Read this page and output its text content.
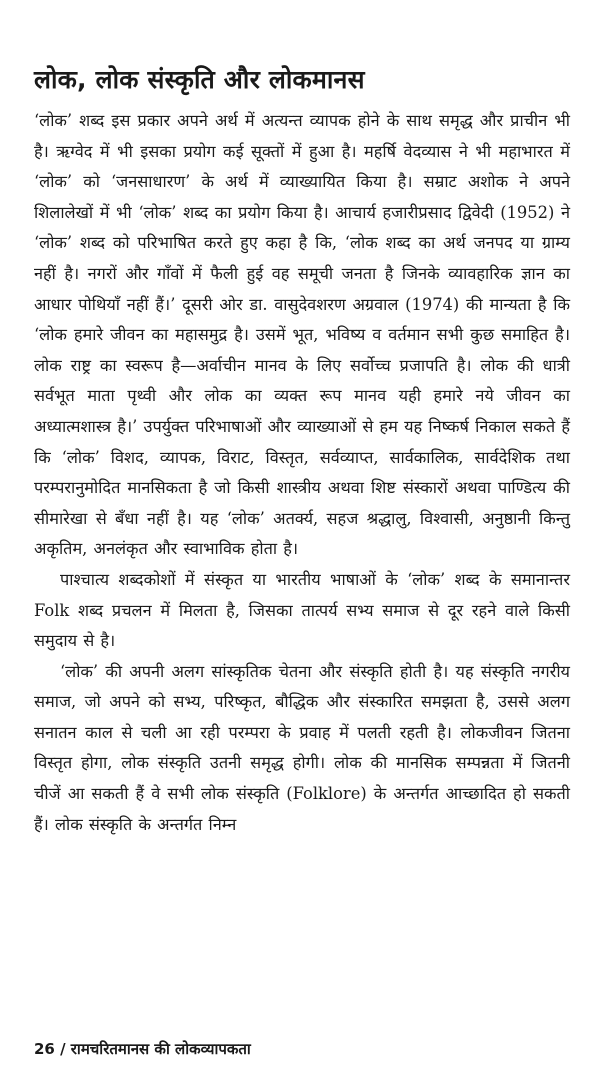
लोक, लोक संस्कृति और लोकमानस

‘लोक’ शब्द इस प्रकार अपने अर्थ में अत्यन्त व्यापक होने के साथ समृद्ध और प्राचीन भी है। ऋग्वेद में भी इसका प्रयोग कई सूक्तों में हुआ है। महर्षि वेदव्यास ने भी महाभारत में ‘लोक’ को ‘जनसाधारण’ के अर्थ में व्याख्यायित किया है। सम्राट अशोक ने अपने शिलालेखों में भी ‘लोक’ शब्द का प्रयोग किया है। आचार्य हजारीप्रसाद द्विवेदी (1952) ने ‘लोक’ शब्द को परिभाषित करते हुए कहा है कि, ‘लोक शब्द का अर्थ जनपद या ग्राम्य नहीं है। नगरों और गाँवों में फैली हुई वह समूची जनता है जिनके व्यावहारिक ज्ञान का आधार पोथियाँ नहीं हैं।’ दूसरी ओर डा. वासुदेवशरण अग्रवाल (1974) की मान्यता है कि ‘लोक हमारे जीवन का महासमुद्र है। उसमें भूत, भविष्य व वर्तमान सभी कुछ समाहित है। लोक राष्ट्र का स्वरूप है—अर्वाचीन मानव के लिए सर्वोच्च प्रजापति है। लोक की धात्री सर्वभूत माता पृथ्वी और लोक का व्यक्त रूप मानव यही हमारे नये जीवन का अध्यात्मशास्त्र है।’ उपर्युक्त परिभाषाओं और व्याख्याओं से हम यह निष्कर्ष निकाल सकते हैं कि ‘लोक’ विशद, व्यापक, विराट, विस्तृत, सर्वव्याप्त, सार्वकालिक, सार्वदेशिक तथा परम्परानुमोदित मानसिकता है जो किसी शास्त्रीय अथवा शिष्ट संस्कारों अथवा पाण्डित्य की सीमारेखा से बँधा नहीं है। यह ‘लोक’ अतर्क्य, सहज श्रद्धालु, विश्वासी, अनुष्ठानी किन्तु अकृतिम, अनलंकृत और स्वाभाविक होता है।

पाश्चात्य शब्दकोशों में संस्कृत या भारतीय भाषाओं के ‘लोक’ शब्द के समानान्तर Folk शब्द प्रचलन में मिलता है, जिसका तात्पर्य सभ्य समाज से दूर रहने वाले किसी समुदाय से है।

‘लोक’ की अपनी अलग सांस्कृतिक चेतना और संस्कृति होती है। यह संस्कृति नगरीय समाज, जो अपने को सभ्य, परिष्कृत, बौद्धिक और संस्कारित समझता है, उससे अलग सनातन काल से चली आ रही परम्परा के प्रवाह में पलती रहती है। लोकजीवन जितना विस्तृत होगा, लोक संस्कृति उतनी समृद्ध होगी। लोक की मानसिक सम्पन्नता में जितनी चीजें आ सकती हैं वे सभी लोक संस्कृति (Folklore) के अन्तर्गत आच्छादित हो सकती हैं। लोक संस्कृति के अन्तर्गत निम्न

26 / रामचरितमानस की लोकव्यापकता
